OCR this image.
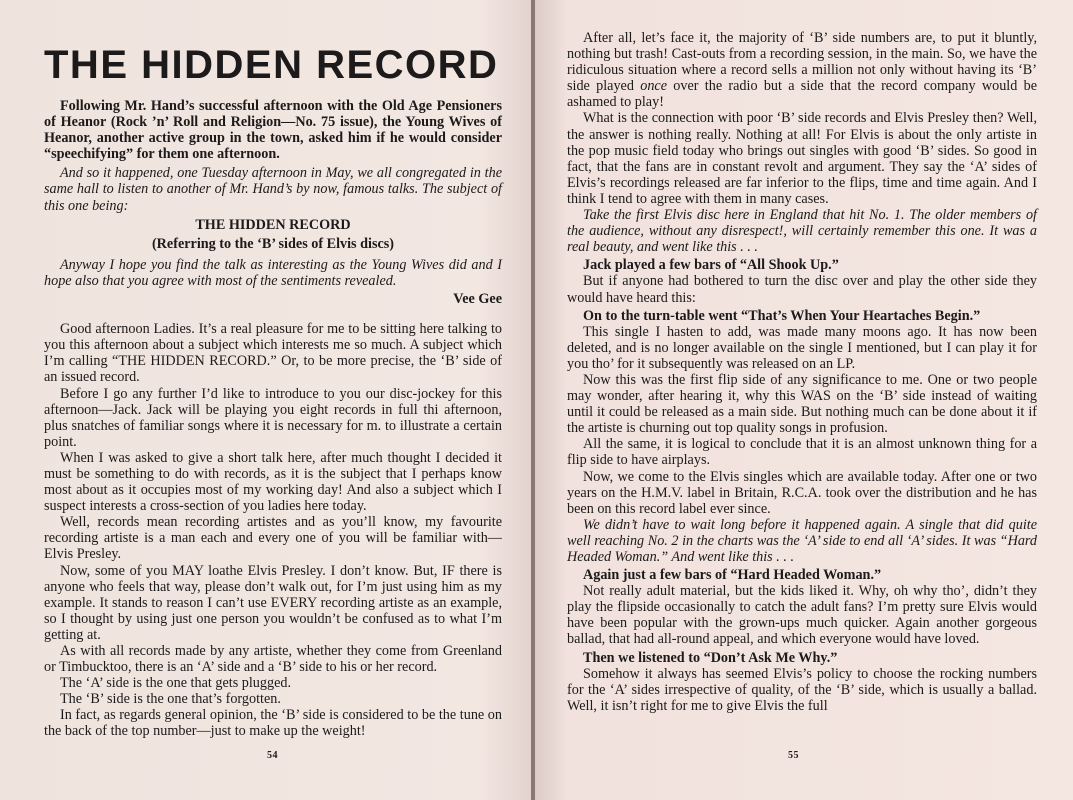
THE HIDDEN RECORD

Following Mr. Hand’s successful afternoon with the Old Age Pensioners of Heanor (Rock ’n’ Roll and Religion—No. 75 issue), the Young Wives of Heanor, another active group in the town, asked him if he would consider “speechifying” for them one afternoon.

And so it happened, one Tuesday afternoon in May, we all congregated in the same hall to listen to another of Mr. Hand’s by now, famous talks. The subject of this one being:

THE HIDDEN RECORD

(Referring to the ‘B’ sides of Elvis discs)

Anyway I hope you find the talk as interesting as the Young Wives did and I hope also that you agree with most of the sentiments revealed.

Vee Gee

Good afternoon Ladies. It’s a real pleasure for me to be sitting here talking to you this afternoon about a subject which interests me so much. A subject which I’m calling “THE HIDDEN RECORD.” Or, to be more precise, the ‘B’ side of an issued record.

Before I go any further I’d like to introduce to you our disc-jockey for this afternoon—Jack. Jack will be playing you eight records in full thi afternoon, plus snatches of familiar songs where it is necessary for m. to illustrate a certain point.

When I was asked to give a short talk here, after much thought I decided it must be something to do with records, as it is the subject that I perhaps know most about as it occupies most of my working day! And also a subject which I suspect interests a cross-section of you ladies here today.

Well, records mean recording artistes and as you’ll know, my favourite recording artiste is a man each and every one of you will be familiar with—Elvis Presley.

Now, some of you MAY loathe Elvis Presley. I don’t know. But, IF there is anyone who feels that way, please don’t walk out, for I’m just using him as my example. It stands to reason I can’t use EVERY recording artiste as an example, so I thought by using just one person you wouldn’t be confused as to what I’m getting at.

As with all records made by any artiste, whether they come from Greenland or Timbucktoo, there is an ‘A’ side and a ‘B’ side to his or her record.

The ‘A’ side is the one that gets plugged.

The ‘B’ side is the one that’s forgotten.

In fact, as regards general opinion, the ‘B’ side is considered to be the tune on the back of the top number—just to make up the weight!

54

After all, let’s face it, the majority of ‘B’ side numbers are, to put it bluntly, nothing but trash! Cast-outs from a recording session, in the main. So, we have the ridiculous situation where a record sells a million not only without having its ‘B’ side played once over the radio but a side that the record company would be ashamed to play!

What is the connection with poor ‘B’ side records and Elvis Presley then? Well, the answer is nothing really. Nothing at all! For Elvis is about the only artiste in the pop music field today who brings out singles with good ‘B’ sides. So good in fact, that the fans are in constant revolt and argument. They say the ‘A’ sides of Elvis’s recordings released are far inferior to the flips, time and time again. And I think I tend to agree with them in many cases.

Take the first Elvis disc here in England that hit No. 1. The older members of the audience, without any disrespect!, will certainly remember this one. It was a real beauty, and went like this . . .

Jack played a few bars of “All Shook Up.”

But if anyone had bothered to turn the disc over and play the other side they would have heard this:

On to the turn-table went “That’s When Your Heartaches Begin.”

This single I hasten to add, was made many moons ago. It has now been deleted, and is no longer available on the single I mentioned, but I can play it for you tho’ for it subsequently was released on an LP.

Now this was the first flip side of any significance to me. One or two people may wonder, after hearing it, why this WAS on the ‘B’ side instead of waiting until it could be released as a main side. But nothing much can be done about it if the artiste is churning out top quality songs in profusion.

All the same, it is logical to conclude that it is an almost unknown thing for a flip side to have airplays.

Now, we come to the Elvis singles which are available today. After one or two years on the H.M.V. label in Britain, R.C.A. took over the distribution and he has been on this record label ever since.

We didn’t have to wait long before it happened again. A single that did quite well reaching No. 2 in the charts was the ‘A’ side to end all ‘A’ sides. It was “Hard Headed Woman.” And went like this . . .

Again just a few bars of “Hard Headed Woman.”

Not really adult material, but the kids liked it. Why, oh why tho’, didn’t they play the flipside occasionally to catch the adult fans? I’m pretty sure Elvis would have been popular with the grown-ups much quicker. Again another gorgeous ballad, that had all-round appeal, and which everyone would have loved.

Then we listened to “Don’t Ask Me Why.”

Somehow it always has seemed Elvis’s policy to choose the rocking numbers for the ‘A’ sides irrespective of quality, of the ‘B’ side, which is usually a ballad. Well, it isn’t right for me to give Elvis the full

55
